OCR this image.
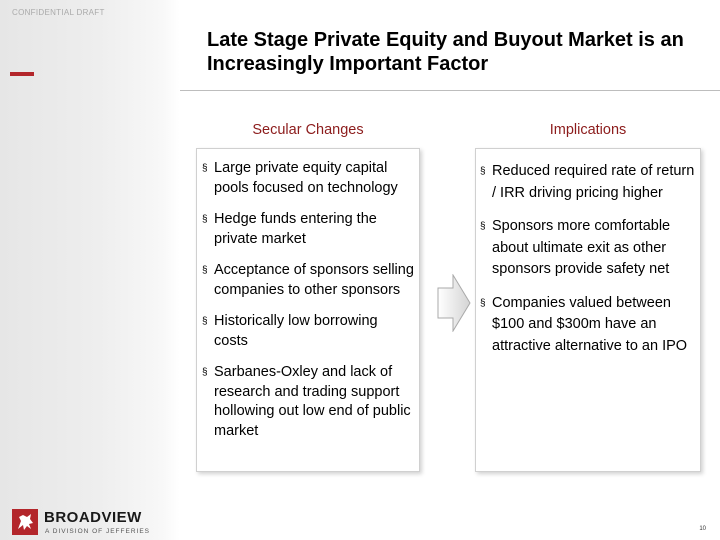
CONFIDENTIAL DRAFT
Late Stage Private Equity and Buyout Market is an Increasingly Important Factor
Secular Changes	Implications
§ Large private equity capital pools focused on technology
§ Hedge funds entering the private market
§ Acceptance of sponsors selling companies to other sponsors
§ Historically low borrowing costs
§ Sarbanes-Oxley and lack of research and trading support hollowing out low end of public market
§ Reduced required rate of return / IRR driving pricing higher
§ Sponsors more comfortable about ultimate exit as other sponsors provide safety net
§ Companies valued between $100 and $300m have an attractive alternative to an IPO
BROADVIEW
A DIVISION OF JEFFERIES	10
